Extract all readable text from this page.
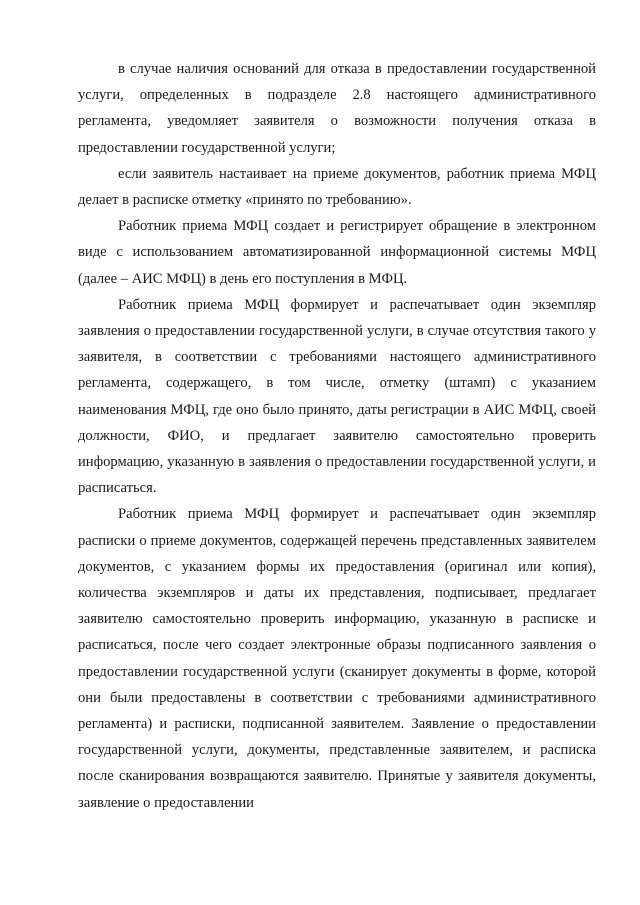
в случае наличия оснований для отказа в предоставлении государственной услуги, определенных в подразделе 2.8 настоящего административного регламента, уведомляет заявителя о возможности получения отказа в предоставлении государственной услуги;

если заявитель настаивает на приеме документов, работник приема МФЦ делает в расписке отметку «принято по требованию».

Работник приема МФЦ создает и регистрирует обращение в электронном виде с использованием автоматизированной информационной системы МФЦ (далее – АИС МФЦ) в день его поступления в МФЦ.

Работник приема МФЦ формирует и распечатывает один экземпляр заявления о предоставлении государственной услуги, в случае отсутствия такого у заявителя, в соответствии с требованиями настоящего административного регламента, содержащего, в том числе, отметку (штамп) с указанием наименования МФЦ, где оно было принято, даты регистрации в АИС МФЦ, своей должности, ФИО, и предлагает заявителю самостоятельно проверить информацию, указанную в заявления о предоставлении государственной услуги, и расписаться.

Работник приема МФЦ формирует и распечатывает один экземпляр расписки о приеме документов, содержащей перечень представленных заявителем документов, с указанием формы их предоставления (оригинал или копия), количества экземпляров и даты их представления, подписывает, предлагает заявителю самостоятельно проверить информацию, указанную в расписке и расписаться, после чего создает электронные образы подписанного заявления о предоставлении государственной услуги (сканирует документы в форме, которой они были предоставлены в соответствии с требованиями административного регламента) и расписки, подписанной заявителем. Заявление о предоставлении государственной услуги, документы, представленные заявителем, и расписка после сканирования возвращаются заявителю. Принятые у заявителя документы, заявление о предоставлении
